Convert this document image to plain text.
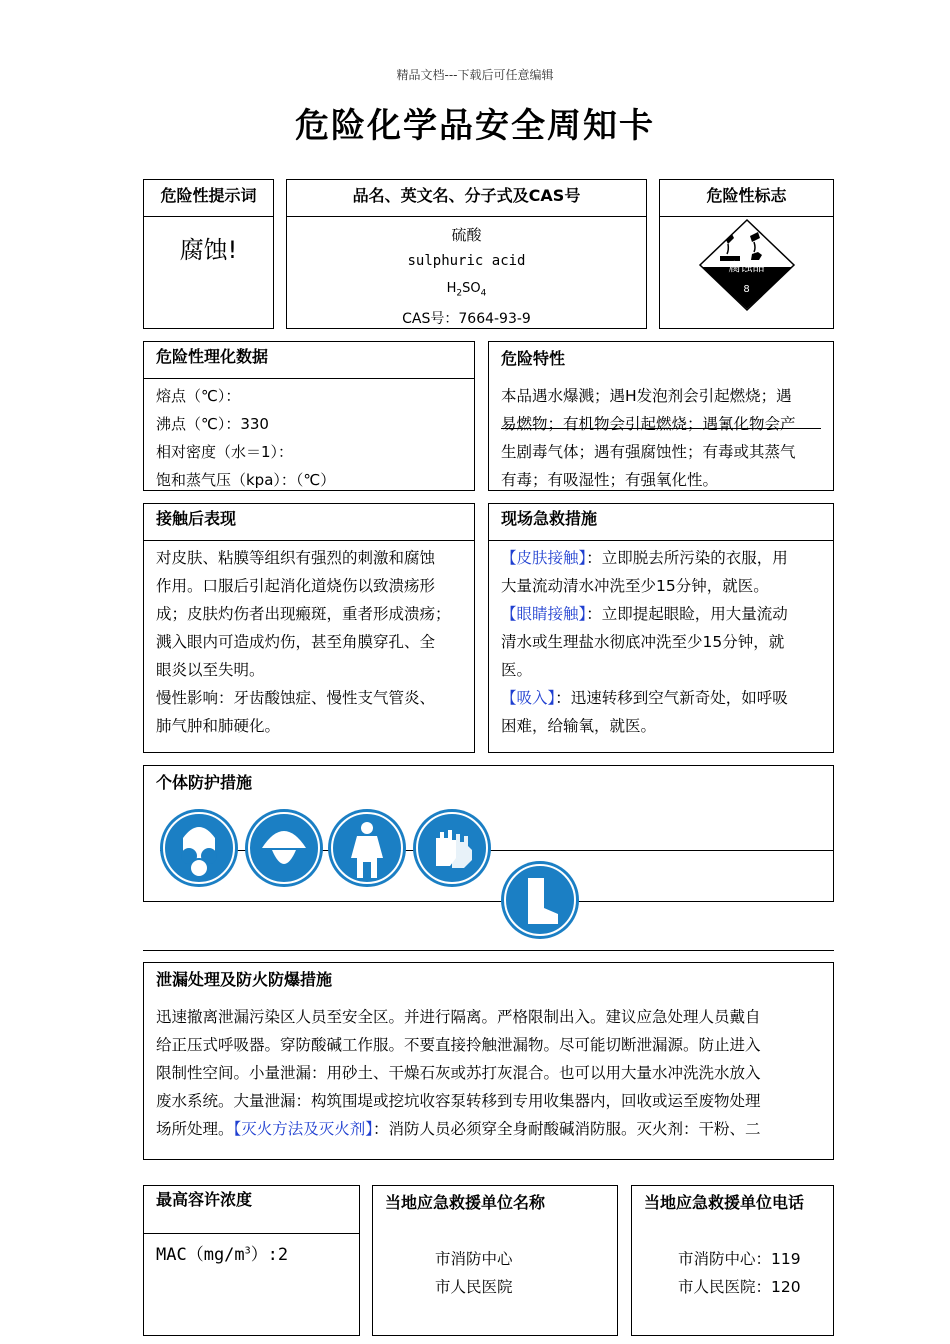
精品文档---下载后可任意编辑
危险化学品安全周知卡
危险性提示词
腐蚀!
品名、英文名、分子式及CAS号
硫酸
sulphuric acid
$H_2SO_4$
CAS号：7664-93-9
危险性标志
腐蚀品
8
危险性理化数据
熔点（℃）：
沸点（℃）：330
相对密度（水＝1）：
饱和蒸气压（kpa）：（℃）
危险特性
本品遇水爆溅；遇H发泡剂会引起燃烧；遇
易燃物；有机物会引起燃烧；遇氰化物会产
生剧毒气体；遇有强腐蚀性；有毒或其蒸气
有毒；有吸湿性；有强氧化性。
接触后表现
对皮肤、粘膜等组织有强烈的刺激和腐蚀
作用。口服后引起消化道烧伤以致溃疡形
成；皮肤灼伤者出现瘢斑，重者形成溃疡；
溅入眼内可造成灼伤，甚至角膜穿孔、全
眼炎以至失明。
慢性影响：牙齿酸蚀症、慢性支气管炎、
肺气肿和肺硬化。
现场急救措施
【皮肤接触】：立即脱去所污染的衣服，用
大量流动清水冲洗至少15分钟，就医。
【眼睛接触】：立即提起眼睑，用大量流动
清水或生理盐水彻底冲洗至少15分钟，就
医。
【吸入】：迅速转移到空气新奇处，如呼吸
困难，给输氧，就医。
个体防护措施
泄漏处理及防火防爆措施
迅速撤离泄漏污染区人员至安全区。并进行隔离。严格限制出入。建议应急处理人员戴自
给正压式呼吸器。穿防酸碱工作服。不要直接拎触泄漏物。尽可能切断泄漏源。防止进入
限制性空间。小量泄漏：用砂土、干燥石灰或苏打灰混合。也可以用大量水冲洗洗水放入
废水系统。大量泄漏：构筑围堤或挖坑收容泵转移到专用收集器内，回收或运至废物处理
场所处理。【灭火方法及灭火剂】：消防人员必须穿全身耐酸碱消防服。灭火剂：干粉、二
最高容许浓度
$MAC(mg/m^3):2$
当地应急救援单位名称
市消防中心
市人民医院
当地应急救援单位电话
市消防中心：119
市人民医院：120
